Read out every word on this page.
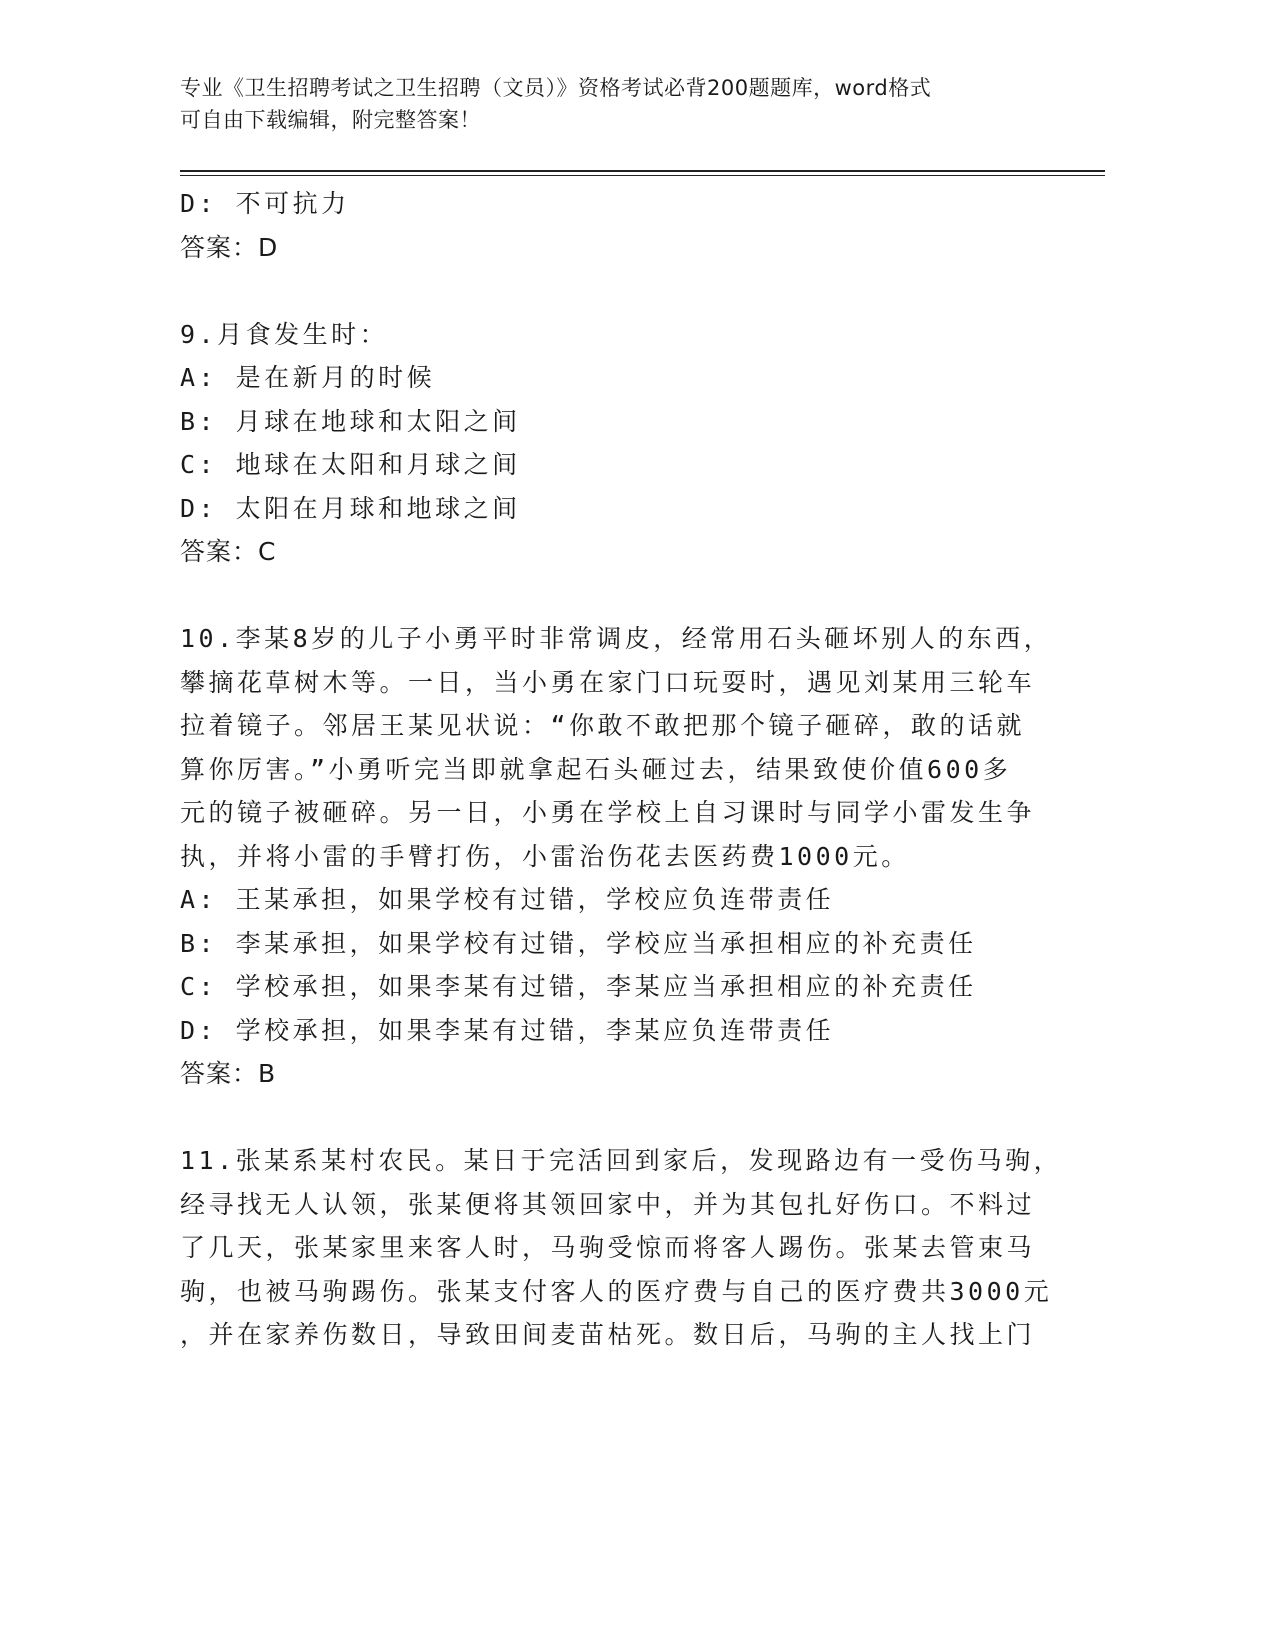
专业《卫生招聘考试之卫生招聘（文员）》资格考试必背200题题库，word格式
可自由下载编辑，附完整答案！
D: 不可抗力
答案：D
9.月食发生时：
A: 是在新月的时候
B: 月球在地球和太阳之间
C: 地球在太阳和月球之间
D: 太阳在月球和地球之间
答案：C
10.李某8岁的儿子小勇平时非常调皮，经常用石头砸坏别人的东西，
攀摘花草树木等。一日，当小勇在家门口玩耍时，遇见刘某用三轮车
拉着镜子。邻居王某见状说：“你敢不敢把那个镜子砸碎，敢的话就
算你厉害。”小勇听完当即就拿起石头砸过去，结果致使价值600多
元的镜子被砸碎。另一日，小勇在学校上自习课时与同学小雷发生争
执，并将小雷的手臂打伤，小雷治伤花去医药费1000元。
A: 王某承担，如果学校有过错，学校应负连带责任
B: 李某承担，如果学校有过错，学校应当承担相应的补充责任
C: 学校承担，如果李某有过错，李某应当承担相应的补充责任
D: 学校承担，如果李某有过错，李某应负连带责任
答案：B
11.张某系某村农民。某日于完活回到家后，发现路边有一受伤马驹，
经寻找无人认领，张某便将其领回家中，并为其包扎好伤口。不料过
了几天，张某家里来客人时，马驹受惊而将客人踢伤。张某去管束马
驹，也被马驹踢伤。张某支付客人的医疗费与自己的医疗费共3000元
，并在家养伤数日，导致田间麦苗枯死。数日后，马驹的主人找上门
